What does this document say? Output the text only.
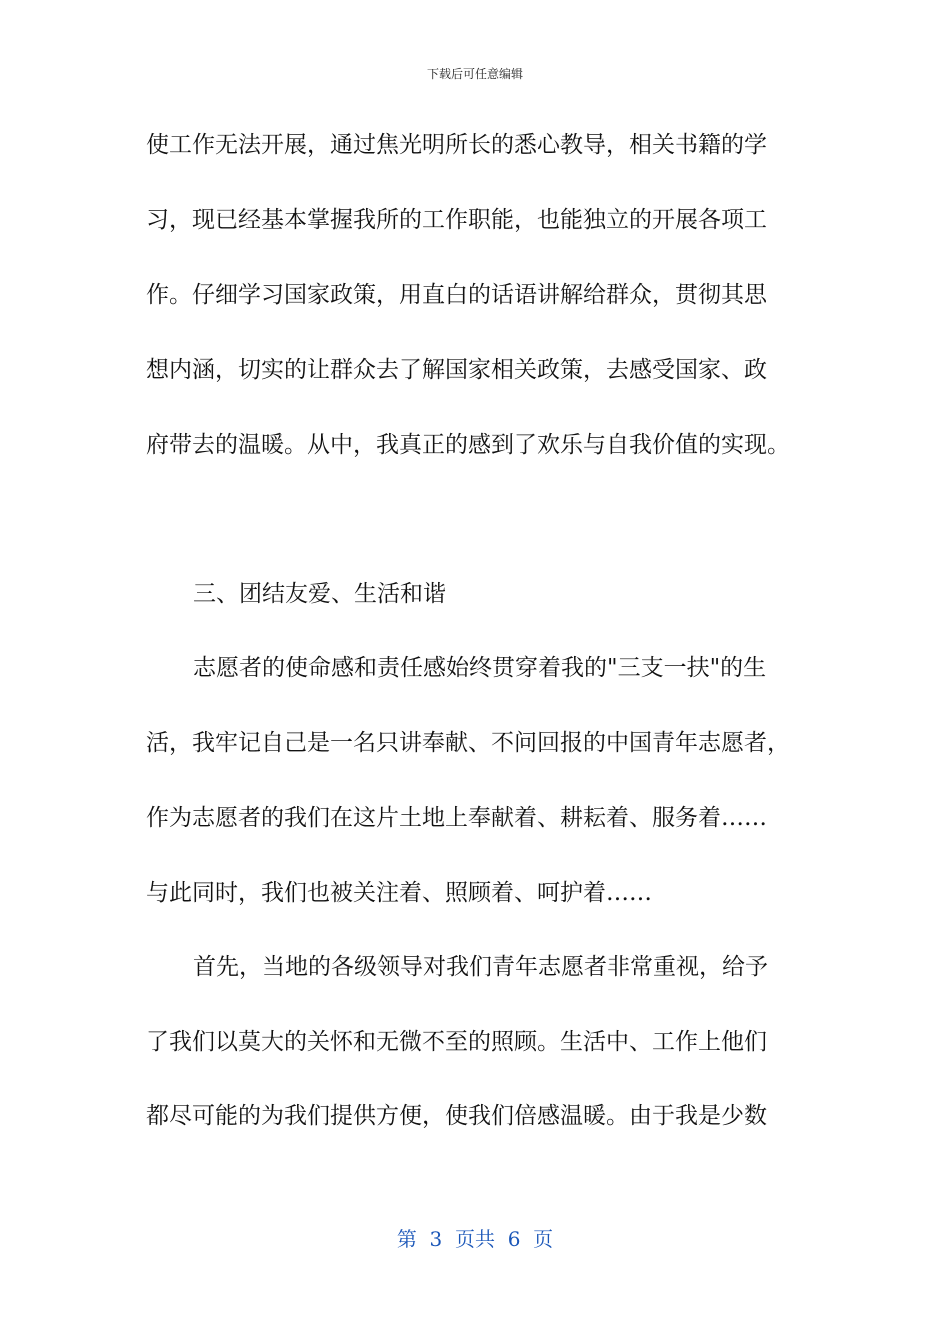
下载后可任意编辑
使工作无法开展，通过焦光明所长的悉心教导，相关书籍的学
习，现已经基本掌握我所的工作职能，也能独立的开展各项工
作。仔细学习国家政策，用直白的话语讲解给群众，贯彻其思
想内涵，切实的让群众去了解国家相关政策，去感受国家、政
府带去的温暖。从中，我真正的感到了欢乐与自我价值的实现。
三、团结友爱、生活和谐
志愿者的使命感和责任感始终贯穿着我的"三支一扶"的生
活，我牢记自己是一名只讲奉献、不问回报的中国青年志愿者，
作为志愿者的我们在这片土地上奉献着、耕耘着、服务着……
与此同时，我们也被关注着、照顾着、呵护着……
首先，当地的各级领导对我们青年志愿者非常重视，给予
了我们以莫大的关怀和无微不至的照顾。生活中、工作上他们
都尽可能的为我们提供方便，使我们倍感温暖。由于我是少数
第  3  页共  6  页
